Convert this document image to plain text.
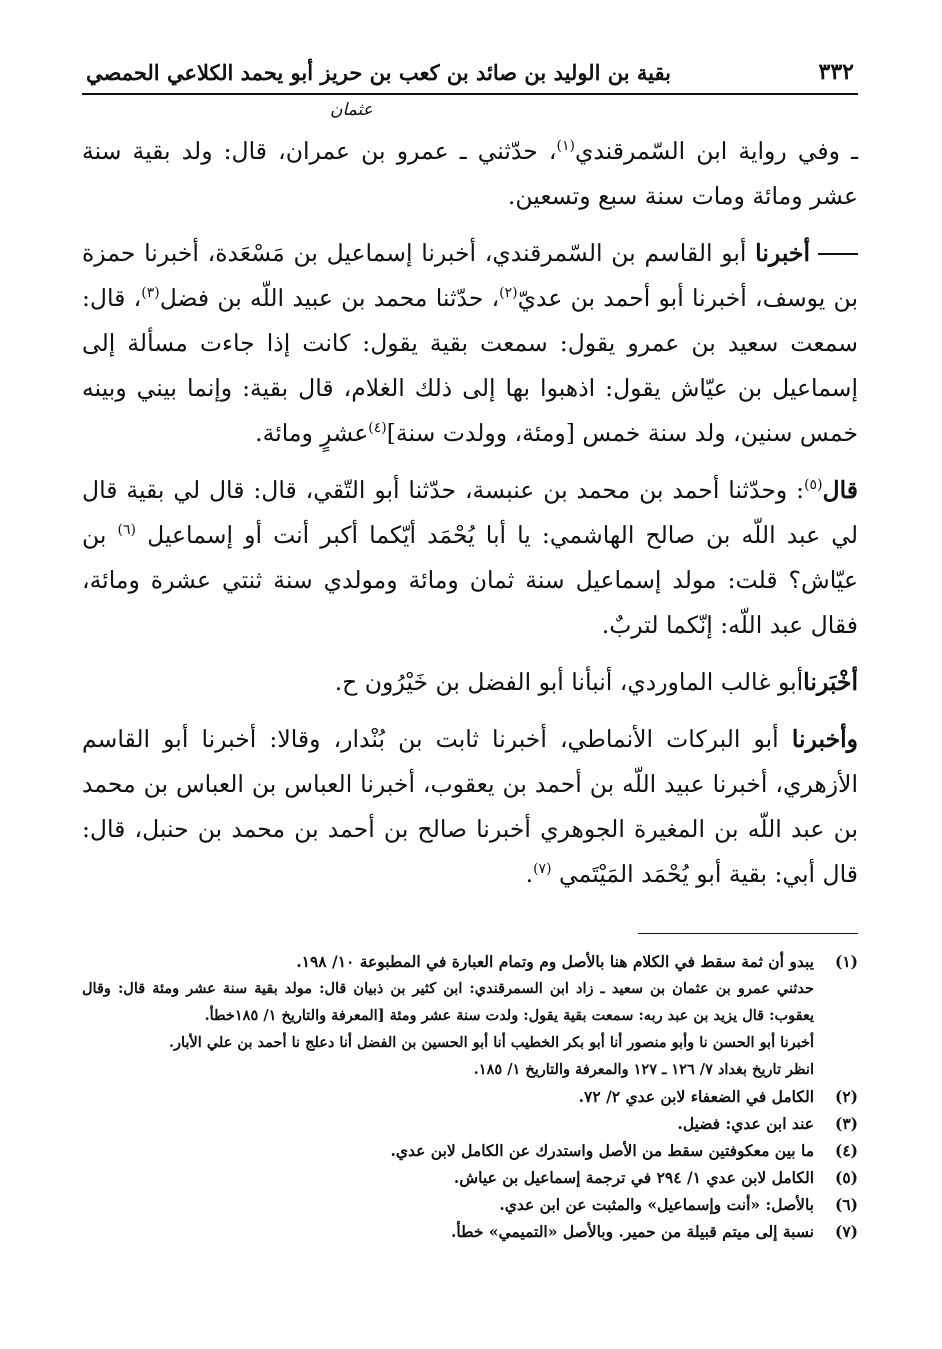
٣٣٢
بقية بن الوليد بن صائد بن كعب بن حريز أبو يحمد الكلاعي الحمصي

ـ وفي رواية ابن السّمرقندي$^{(١)}$، حدّثني ـ عمرو بن عمران، قال: ولد بقية سنة عشر ومائة ومات سنة سبع وتسعين.

أخبرنا أبو القاسم بن السّمرقندي، أخبرنا إسماعيل بن مَسْعَدة، أخبرنا حمزة بن يوسف، أخبرنا أبو أحمد بن عديّ$^{(٢)}$، حدّثنا محمد بن عبيد اللّه بن فضل$^{(٣)}$، قال: سمعت سعيد بن عمرو يقول: سمعت بقية يقول: كانت إذا جاءت مسألة إلى إسماعيل بن عيّاش يقول: اذهبوا بها إلى ذلك الغلام، قال بقية: وإنما بيني وبينه خمس سنين، ولد سنة خمس [ومئة، وولدت سنة]$^{(٤)}$عشرٍ ومائة.

قال$^{(٥)}$: وحدّثنا أحمد بن محمد بن عنبسة، حدّثنا أبو التّقي، قال: قال لي بقية قال لي عبد اللّه بن صالح الهاشمي: يا أبا يُحْمَد أيّكما أكبر أنت أو إسماعيل $^{(٦)}$ بن عيّاش؟ قلت: مولد إسماعيل سنة ثمان ومائة ومولدي سنة ثنتي عشرة ومائة، فقال عبد اللّه: إنّكما لتربٌ.

أخْبَرناأبو غالب الماوردي، أنبأنا أبو الفضل بن خَيْرُون ح.

وأخبرنا أبو البركات الأنماطي، أخبرنا ثابت بن بُنْدار، وقالا: أخبرنا أبو القاسم الأزهري، أخبرنا عبيد اللّه بن أحمد بن يعقوب، أخبرنا العباس بن العباس بن محمد بن عبد اللّه بن المغيرة الجوهري أخبرنا صالح بن أحمد بن محمد بن حنبل، قال: قال أبي: بقية أبو يُحْمَد المَيْتَمي $^{(٧)}$.

(١)
يبدو أن ثمة سقط في الكلام هنا بالأصل وم وتمام العبارة في المطبوعة ١٠/ ١٩٨.
حدثني عمرو بن عثمان بن سعيد ـ زاد ابن السمرقندي: ابن كثير بن ذبيان قال: مولد بقية سنة عشر ومئة قال: وقال يعقوب: قال يزيد بن عبد ربه: سمعت بقية يقول: ولدت سنة عشر ومئة [المعرفة والتاريخ ١/ ١٨٥خطأ.
أخبرنا أبو الحسن نا وأبو منصور أنا أبو بكر الخطيب أنا أبو الحسين بن الفضل أنا دعلج نا أحمد بن علي الأبار.
انظر تاريخ بغداد ٧/ ١٢٦ ـ ١٢٧ والمعرفة والتاريخ ١/ ١٨٥.
(٢)
الكامل في الضعفاء لابن عدي ٢/ ٧٢.
(٣)
عند ابن عدي: فضيل.
(٤)
ما بين معكوفتين سقط من الأصل واستدرك عن الكامل لابن عدي.
(٥)
الكامل لابن عدي ١/ ٢٩٤ في ترجمة إسماعيل بن عياش.
(٦)
بالأصل: «أنت وإسماعيل» والمثبت عن ابن عدي.
(٧)
نسبة إلى ميتم قبيلة من حمير. وبالأصل «التميمي» خطأ.
عثمان
